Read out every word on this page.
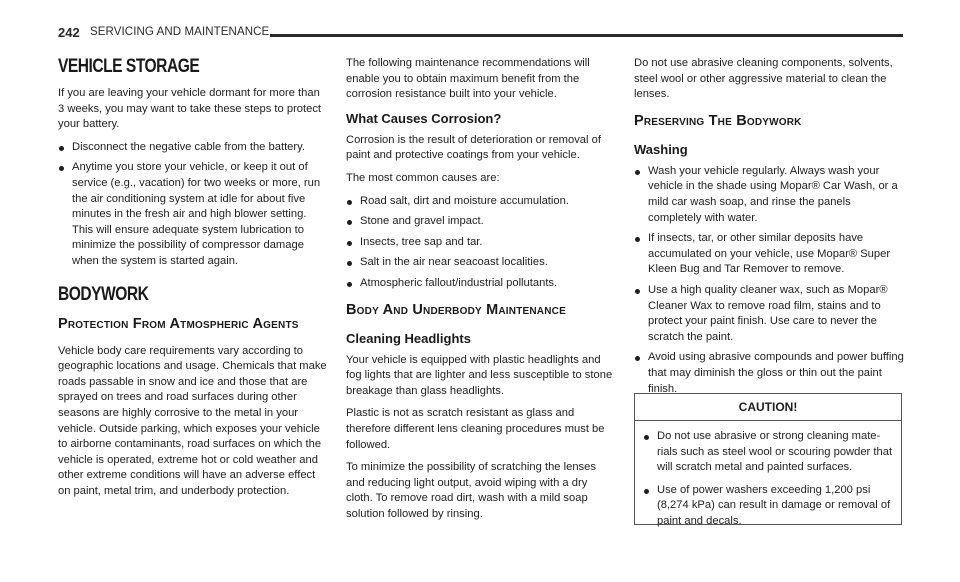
242 SERVICING AND MAINTENANCE
VEHICLE STORAGE

If you are leaving your vehicle dormant for more than 3 weeks, you may want to take these steps to protect your battery.

Disconnect the negative cable from the battery.
Anytime you store your vehicle, or keep it out of service (e.g., vacation) for two weeks or more, run the air conditioning system at idle for about five minutes in the fresh air and high blower setting. This will ensure adequate system lubrication to minimize the possibility of compressor damage when the system is started again.
BODYWORK
Protection From Atmospheric Agents

Vehicle body care requirements vary according to geographic locations and usage. Chemicals that make roads passable in snow and ice and those that are sprayed on trees and road surfaces during other seasons are highly corrosive to the metal in your vehicle. Outside parking, which exposes your vehicle to airborne contaminants, road surfaces on which the vehicle is operated, extreme hot or cold weather and other extreme conditions will have an adverse effect on paint, metal trim, and underbody protection.

The following maintenance recommendations will enable you to obtain maximum benefit from the corrosion resistance built into your vehicle.

What Causes Corrosion?

Corrosion is the result of deterioration or removal of paint and protective coatings from your vehicle.

The most common causes are:

Road salt, dirt and moisture accumulation.
Stone and gravel impact.
Insects, tree sap and tar.
Salt in the air near seacoast localities.
Atmospheric fallout/industrial pollutants.
Body And Underbody Maintenance
Cleaning Headlights

Your vehicle is equipped with plastic headlights and fog lights that are lighter and less susceptible to stone breakage than glass headlights.

Plastic is not as scratch resistant as glass and therefore different lens cleaning procedures must be followed.

To minimize the possibility of scratching the lenses and reducing light output, avoid wiping with a dry cloth. To remove road dirt, wash with a mild soap solution followed by rinsing.

Do not use abrasive cleaning components, solvents, steel wool or other aggressive material to clean the lenses.

Preserving The Bodywork
Washing
Wash your vehicle regularly. Always wash your vehicle in the shade using Mopar® Car Wash, or a mild car wash soap, and rinse the panels completely with water.
If insects, tar, or other similar deposits have accumulated on your vehicle, use Mopar® Super Kleen Bug and Tar Remover to remove.
Use a high quality cleaner wax, such as Mopar® Cleaner Wax to remove road film, stains and to protect your paint finish. Use care to never the scratch the paint.
Avoid using abrasive compounds and power buffing that may diminish the gloss or thin out the paint finish.
CAUTION!
Do not use abrasive or strong cleaning materials such as steel wool or scouring powder that will scratch metal and painted surfaces.
Use of power washers exceeding 1,200 psi (8,274 kPa) can result in damage or removal of paint and decals.
